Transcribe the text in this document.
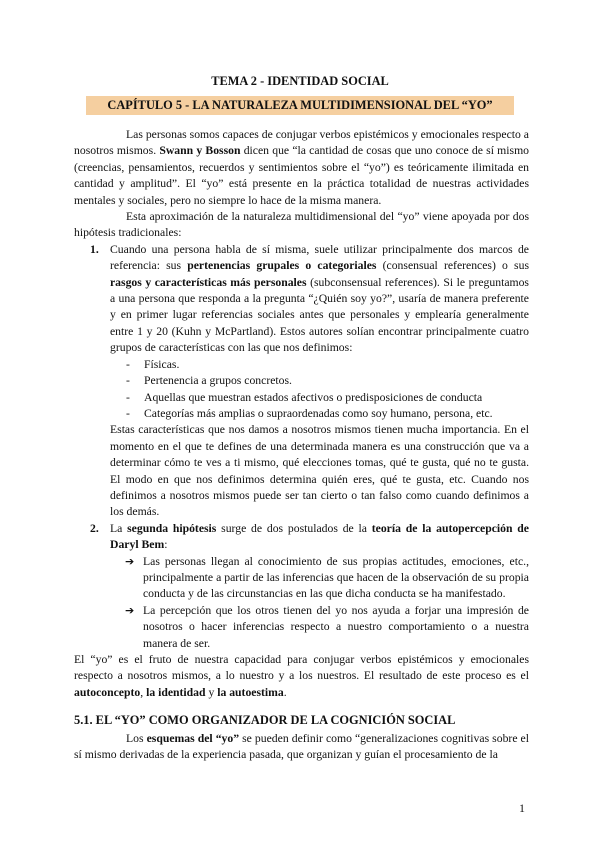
TEMA 2 - IDENTIDAD SOCIAL
CAPÍTULO 5 - LA NATURALEZA MULTIDIMENSIONAL DEL “YO”

Las personas somos capaces de conjugar verbos epistémicos y emocionales respecto a nosotros mismos. Swann y Bosson dicen que “la cantidad de cosas que uno conoce de sí mismo (creencias, pensamientos, recuerdos y sentimientos sobre el “yo”) es teóricamente ilimitada en cantidad y amplitud”. El “yo” está presente en la práctica totalidad de nuestras actividades mentales y sociales, pero no siempre lo hace de la misma manera.

Esta aproximación de la naturaleza multidimensional del “yo” viene apoyada por dos hipótesis tradicionales:

1. Cuando una persona habla de sí misma, suele utilizar principalmente dos marcos de referencia: sus pertenencias grupales o categoriales (consensual references) o sus rasgos y características más personales (subconsensual references). Si le preguntamos a una persona que responda a la pregunta “¿Quién soy yo?”, usaría de manera preferente y en primer lugar referencias sociales antes que personales y emplearía generalmente entre 1 y 20 (Kuhn y McPartland). Estos autores solían encontrar principalmente cuatro grupos de características con las que nos definimos:
- Físicas.
- Pertenencia a grupos concretos.
- Aquellas que muestran estados afectivos o predisposiciones de conducta
- Categorías más amplias o supraordenadas como soy humano, persona, etc.

Estas características que nos damos a nosotros mismos tienen mucha importancia. En el momento en el que te defines de una determinada manera es una construcción que va a determinar cómo te ves a ti mismo, qué elecciones tomas, qué te gusta, qué no te gusta. El modo en que nos definimos determina quién eres, qué te gusta, etc. Cuando nos definimos a nosotros mismos puede ser tan cierto o tan falso como cuando definimos a los demás.

2. La segunda hipótesis surge de dos postulados de la teoría de la autopercepción de Daryl Bem:
➔ Las personas llegan al conocimiento de sus propias actitudes, emociones, etc., principalmente a partir de las inferencias que hacen de la observación de su propia conducta y de las circunstancias en las que dicha conducta se ha manifestado.
➔ La percepción que los otros tienen del yo nos ayuda a forjar una impresión de nosotros o hacer inferencias respecto a nuestro comportamiento o a nuestra manera de ser.

El “yo” es el fruto de nuestra capacidad para conjugar verbos epistémicos y emocionales respecto a nosotros mismos, a lo nuestro y a los nuestros. El resultado de este proceso es el autoconcepto, la identidad y la autoestima.

5.1. EL “YO” COMO ORGANIZADOR DE LA COGNICIÓN SOCIAL

Los esquemas del “yo” se pueden definir como “generalizaciones cognitivas sobre el sí mismo derivadas de la experiencia pasada, que organizan y guían el procesamiento de la

1
